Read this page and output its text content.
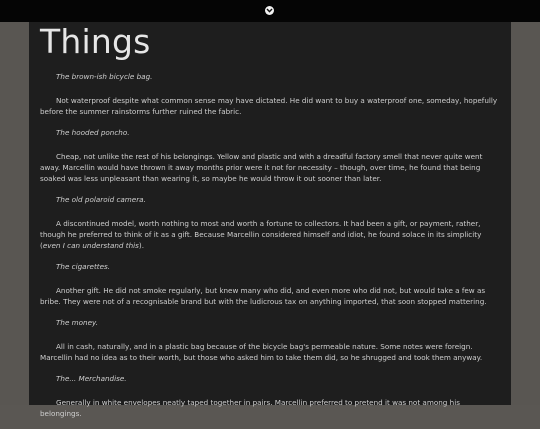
Things

The brown-ish bicycle bag.

Not waterproof despite what common sense may have dictated. He did want to buy a waterproof one, someday, hopefully before the summer rainstorms further ruined the fabric.

The hooded poncho.

Cheap, not unlike the rest of his belongings. Yellow and plastic and with a dreadful factory smell that never quite went away. Marcellin would have thrown it away months prior were it not for necessity – though, over time, he found that being soaked was less unpleasant than wearing it, so maybe he would throw it out sooner than later.

The old polaroid camera.

A discontinued model, worth nothing to most and worth a fortune to collectors. It had been a gift, or payment, rather, though he preferred to think of it as a gift. Because Marcellin considered himself and idiot, he found solace in its simplicity (even I can understand this).

The cigarettes.

Another gift. He did not smoke regularly, but knew many who did, and even more who did not, but would take a few as bribe. They were not of a recognisable brand but with the ludicrous tax on anything imported, that soon stopped mattering.

The money.

All in cash, naturally, and in a plastic bag because of the bicycle bag's permeable nature. Some notes were foreign. Marcellin had no idea as to their worth, but those who asked him to take them did, so he shrugged and took them anyway.

The... Merchandise.

Generally in white envelopes neatly taped together in pairs. Marcellin preferred to pretend it was not among his belongings.
